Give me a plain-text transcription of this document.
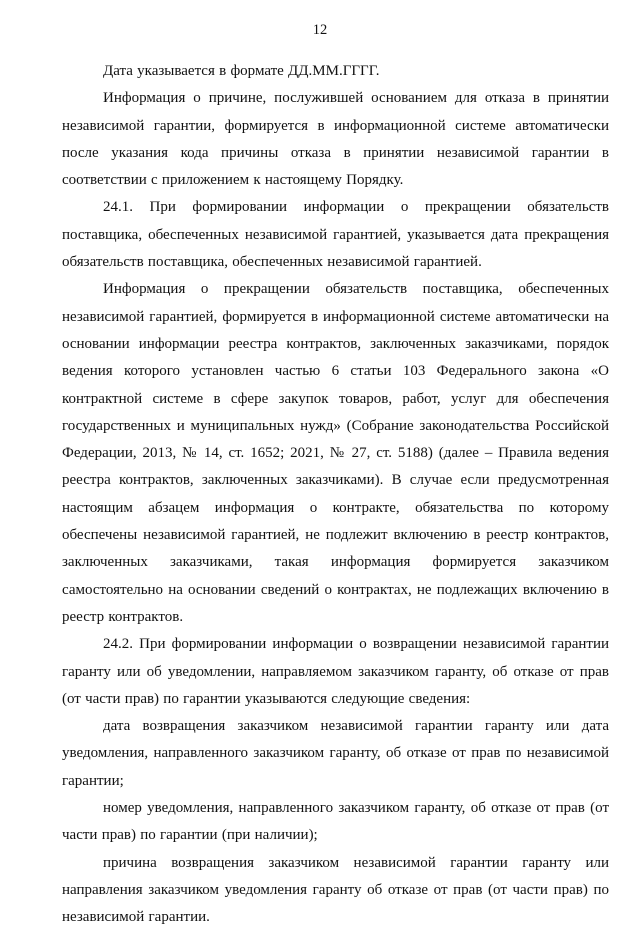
12

Дата указывается в формате ДД.ММ.ГГГГ.

Информация о причине, послужившей основанием для отказа в принятии независимой гарантии, формируется в информационной системе автоматически после указания кода причины отказа в принятии независимой гарантии в соответствии с приложением к настоящему Порядку.

24.1. При формировании информации о прекращении обязательств поставщика, обеспеченных независимой гарантией, указывается дата прекращения обязательств поставщика, обеспеченных независимой гарантией.

Информация о прекращении обязательств поставщика, обеспеченных независимой гарантией, формируется в информационной системе автоматически на основании информации реестра контрактов, заключенных заказчиками, порядок ведения которого установлен частью 6 статьи 103 Федерального закона «О контрактной системе в сфере закупок товаров, работ, услуг для обеспечения государственных и муниципальных нужд» (Собрание законодательства Российской Федерации, 2013, № 14, ст. 1652; 2021, № 27, ст. 5188) (далее – Правила ведения реестра контрактов, заключенных заказчиками). В случае если предусмотренная настоящим абзацем информация о контракте, обязательства по которому обеспечены независимой гарантией, не подлежит включению в реестр контрактов, заключенных заказчиками, такая информация формируется заказчиком самостоятельно на основании сведений о контрактах, не подлежащих включению в реестр контрактов.

24.2. При формировании информации о возвращении независимой гарантии гаранту или об уведомлении, направляемом заказчиком гаранту, об отказе от прав (от части прав) по гарантии указываются следующие сведения:

дата возвращения заказчиком независимой гарантии гаранту или дата уведомления, направленного заказчиком гаранту, об отказе от прав по независимой гарантии;

номер уведомления, направленного заказчиком гаранту, об отказе от прав (от части прав) по гарантии (при наличии);

причина возвращения заказчиком независимой гарантии гаранту или направления заказчиком уведомления гаранту об отказе от прав (от части прав) по независимой гарантии.
